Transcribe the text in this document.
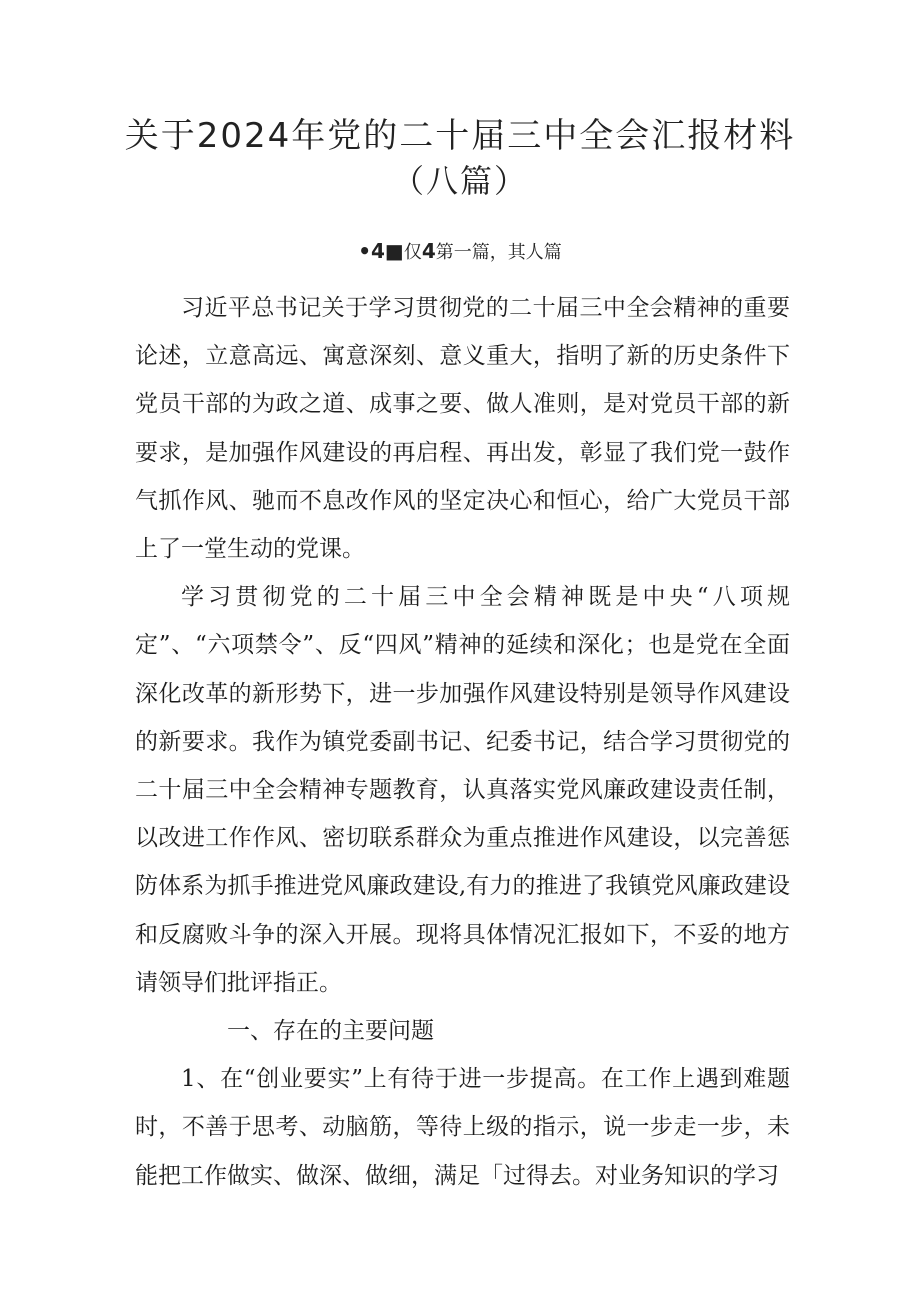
关于2024年党的二十届三中全会汇报材料
（八篇）
•4■仅4第一篇，其人篇

习近平总书记关于学习贯彻党的二十届三中全会精神的重要论述，立意高远、寓意深刻、意义重大，指明了新的历史条件下党员干部的为政之道、成事之要、做人准则，是对党员干部的新要求，是加强作风建设的再启程、再出发，彰显了我们党一鼓作气抓作风、驰而不息改作风的坚定决心和恒心，给广大党员干部上了一堂生动的党课。

学习贯彻党的二十届三中全会精神既是中央“八项规定”、“六项禁令”、反“四风”精神的延续和深化；也是党在全面深化改革的新形势下，进一步加强作风建设特别是领导作风建设的新要求。我作为镇党委副书记、纪委书记，结合学习贯彻党的二十届三中全会精神专题教育，认真落实党风廉政建设责任制，以改进工作作风、密切联系群众为重点推进作风建设，以完善惩防体系为抓手推进党风廉政建设,有力的推进了我镇党风廉政建设和反腐败斗争的深入开展。现将具体情况汇报如下，不妥的地方请领导们批评指正。

一、存在的主要问题

1、在“创业要实”上有待于进一步提高。在工作上遇到难题时，不善于思考、动脑筋，等待上级的指示，说一步走一步，未能把工作做实、做深、做细，满足「过得去。对业务知识的学习
